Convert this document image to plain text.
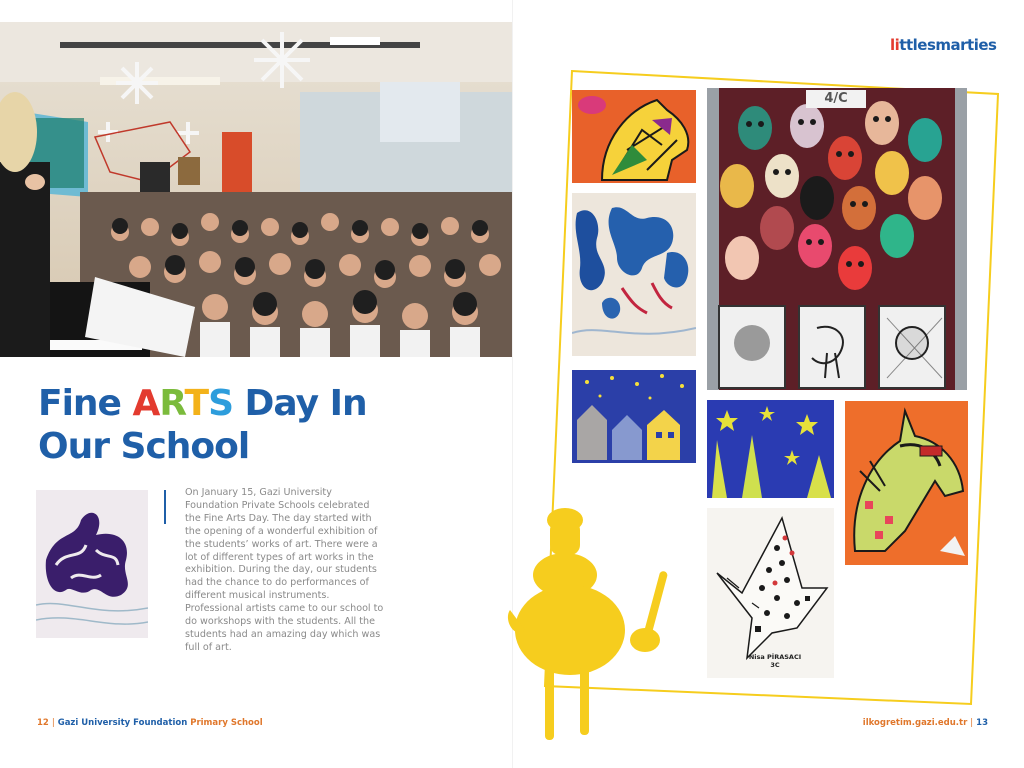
Fine ARTS Day In
Our School

On January 15, Gazi University Foundation Private Schools celebrated the Fine Arts Day. The day started with the opening of a wonderful exhibition of the students’ works of art. There were a lot of different types of art works in the exhibition. During the day, our students had the chance to do performances of different musical instruments. Professional artists came to our school to do workshops with the students. All the students had an amazing day which was full of art.

12 | Gazi University Foundation Primary School
littlesmarties
4/C
Nisa PİRASACI
3C
ilkogretim.gazi.edu.tr | 13
